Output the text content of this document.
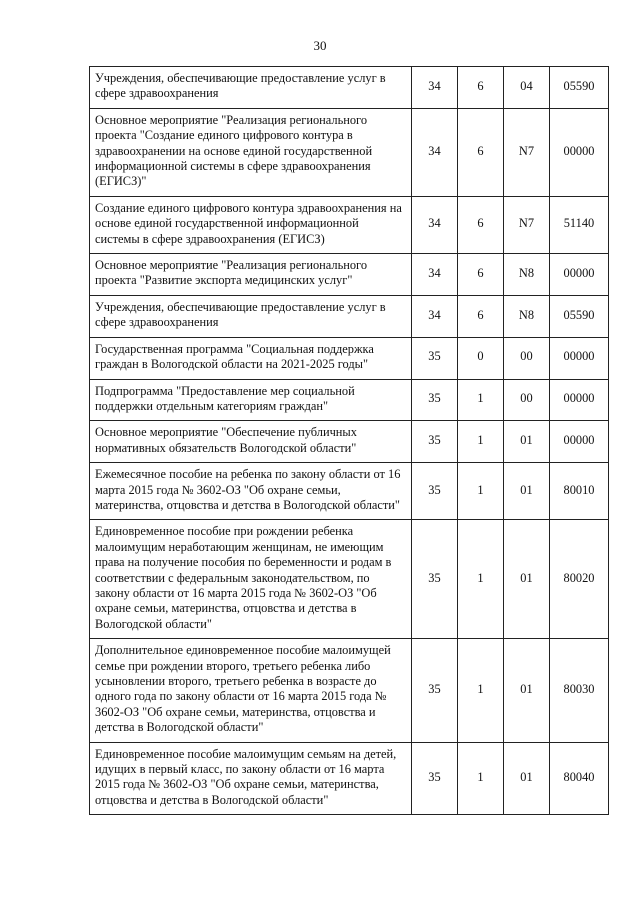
30
Учреждения, обеспечивающие предоставление услуг в сфере здравоохранения	34	6	04	05590
Основное мероприятие "Реализация регионального проекта "Создание единого цифрового контура в здравоохранении на основе единой государственной информационной системы в сфере здравоохранения (ЕГИСЗ)"	34	6	N7	00000
Создание единого цифрового контура здравоохранения на основе единой государственной информационной системы в сфере здравоохранения (ЕГИСЗ)	34	6	N7	51140
Основное мероприятие "Реализация регионального проекта "Развитие экспорта медицинских услуг"	34	6	N8	00000
Учреждения, обеспечивающие предоставление услуг в сфере здравоохранения	34	6	N8	05590
Государственная программа "Социальная поддержка граждан в Вологодской области на 2021-2025 годы"	35	0	00	00000
Подпрограмма "Предоставление мер социальной поддержки отдельным категориям граждан"	35	1	00	00000
Основное мероприятие "Обеспечение публичных нормативных обязательств Вологодской области"	35	1	01	00000
Ежемесячное пособие на ребенка по закону области от 16 марта 2015 года № 3602-ОЗ "Об охране семьи, материнства, отцовства и детства в Вологодской области"	35	1	01	80010
Единовременное пособие при рождении ребенка малоимущим неработающим женщинам, не имеющим права на получение пособия по беременности и родам в соответствии с федеральным законодательством, по закону области от 16 марта 2015 года № 3602-ОЗ "Об охране семьи, материнства, отцовства и детства в Вологодской области"	35	1	01	80020
Дополнительное единовременное пособие малоимущей семье при рождении второго, третьего ребенка либо усыновлении второго, третьего ребенка в возрасте до одного года по закону области от 16 марта 2015 года № 3602-ОЗ "Об охране семьи, материнства, отцовства и детства в Вологодской области"	35	1	01	80030
Единовременное пособие малоимущим семьям на детей, идущих в первый класс, по закону области от 16 марта 2015 года № 3602-ОЗ "Об охране семьи, материнства, отцовства и детства в Вологодской области"	35	1	01	80040
